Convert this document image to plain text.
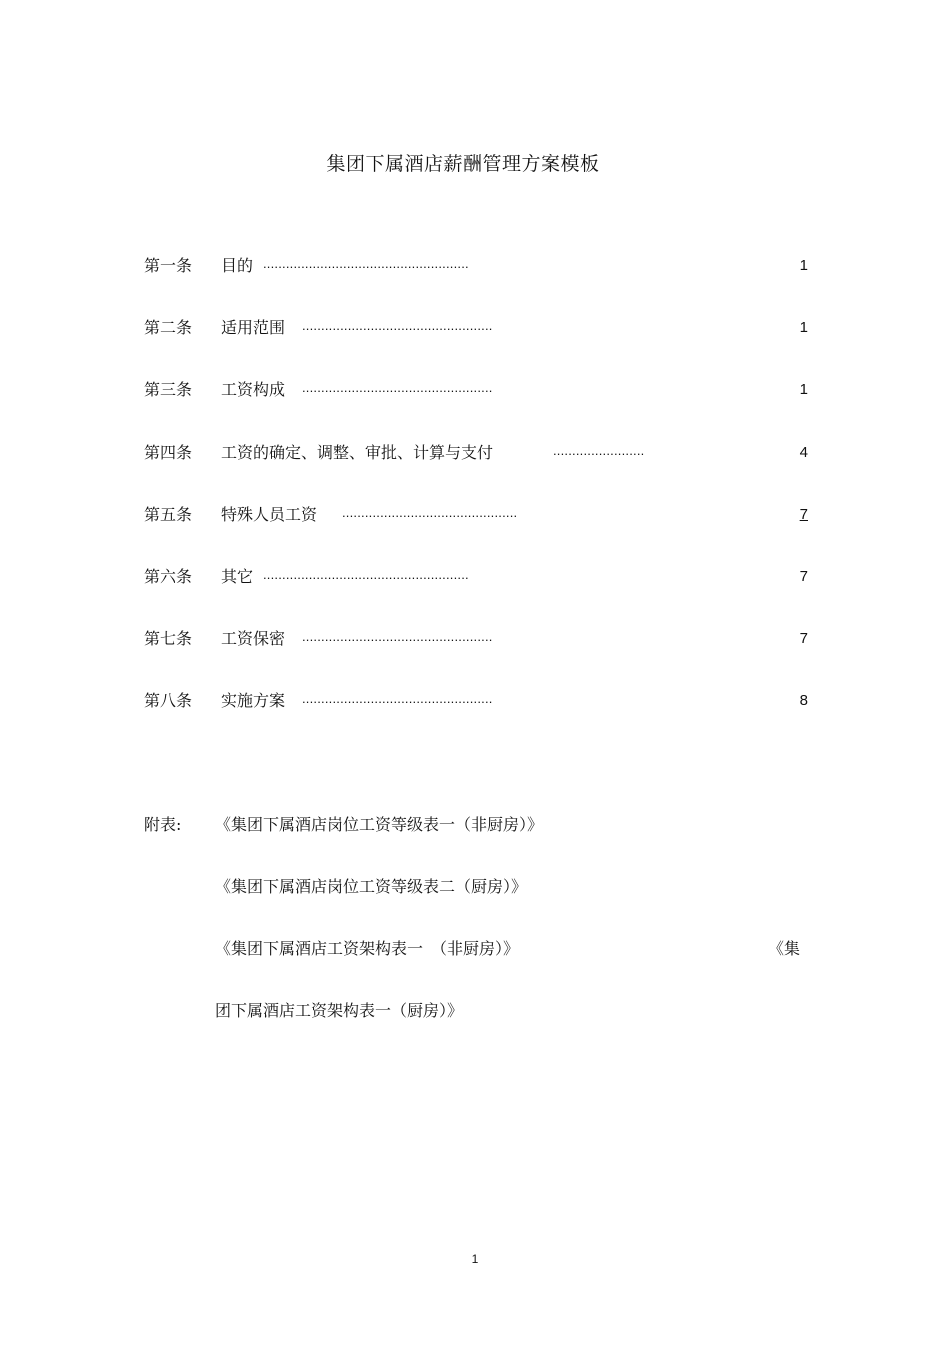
集团下属酒店薪酬管理方案模板
第一条 目的 ......................................................	1
第二条 适用范围 ..................................................	1
第三条 工资构成 ..................................................	1
第四条 工资的确定、调整、审批、计算与支付	........................	4
第五条 特殊人员工资 ..............................................	7
第六条 其它 ......................................................	7
第七条 工资保密 ..................................................	7
第八条 实施方案 ..................................................	8
附表: 《集团下属酒店岗位工资等级表一（非厨房）》
《集团下属酒店岗位工资等级表二（厨房）》
《集团下属酒店工资架构表一　（非厨房）》	《集
团下属酒店工资架构表一（厨房）》
1
